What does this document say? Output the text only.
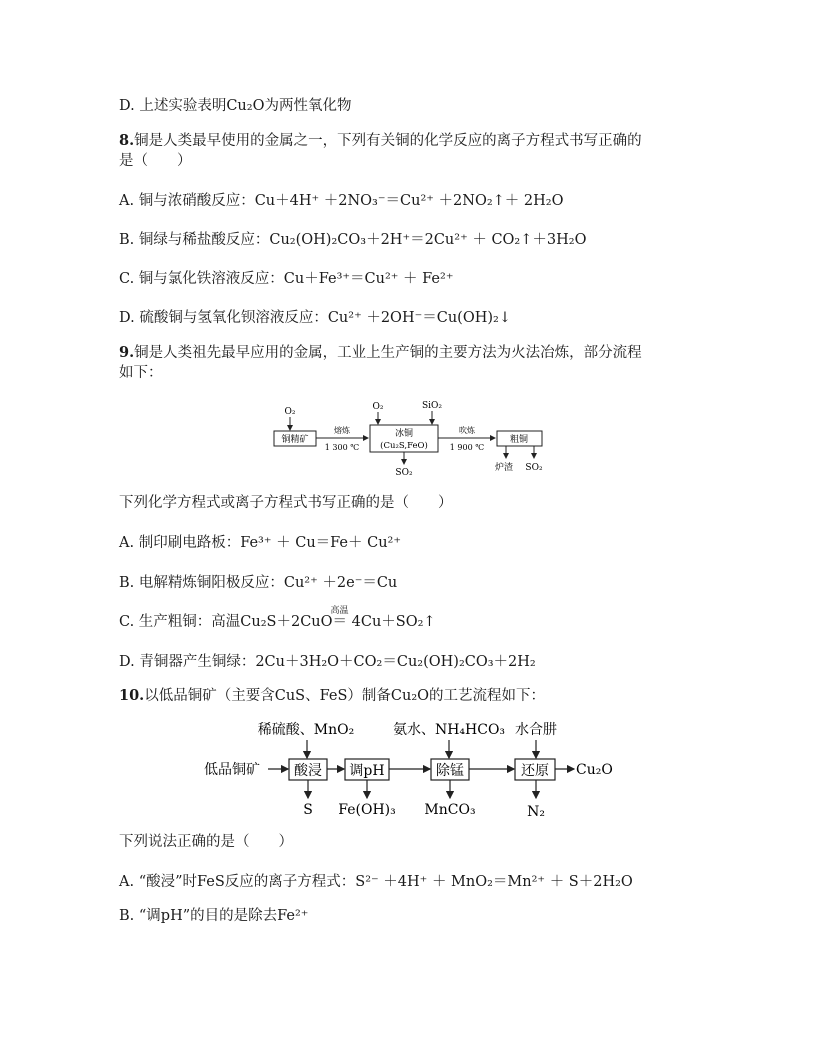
D. 上述实验表明Cu₂O为两性氧化物
8.铜是人类最早使用的金属之一，下列有关铜的化学反应的离子方程式书写正确的
是（　　）
A. 铜与浓硝酸反应：Cu＋4H⁺ ＋2NO₃⁻＝Cu²⁺ ＋2NO₂↑＋ 2H₂O
B. 铜绿与稀盐酸反应：Cu₂(OH)₂CO₃＋2H⁺＝2Cu²⁺ ＋ CO₂↑＋3H₂O
C. 铜与氯化铁溶液反应：Cu＋Fe³⁺＝Cu²⁺ ＋ Fe²⁺
D. 硫酸铜与氢氧化钡溶液反应：Cu²⁺ ＋2OH⁻＝Cu(OH)₂↓
9.铜是人类祖先最早应用的金属，工业上生产铜的主要方法为火法冶炼，部分流程
如下：
O₂
铜精矿
熔炼
1 300 ℃
O₂
冰铜
(Cu₂S,FeO)
SO₂
SiO₂
吹炼
1 900 ℃
粗铜
炉渣 SO₂
下列化学方程式或离子方程式书写正确的是（　　）
A. 制印刷电路板：Fe³⁺ ＋ Cu＝Fe＋ Cu²⁺
B. 电解精炼铜阳极反应：Cu²⁺ ＋2e⁻＝Cu
C. 生产粗铜：高温Cu₂S＋2CuO
高温
＝ 4Cu＋SO₂↑
D. 青铜器产生铜绿：2Cu＋3H₂O＋CO₂＝Cu₂(OH)₂CO₃＋2H₂
10.以低品铜矿（主要含CuS、FeS）制备Cu₂O的工艺流程如下：
低品铜矿
稀硫酸、MnO₂
酸浸
S
调pH
Fe(OH)₃
氨水、NH₄HCO₃
除锰
MnCO₃
水合肼
还原
N₂
Cu₂O
下列说法正确的是（　　）
A. “酸浸”时FeS反应的离子方程式：S²⁻ ＋4H⁺ ＋ MnO₂＝Mn²⁺ ＋ S＋2H₂O
B. “调pH”的目的是除去Fe²⁺
